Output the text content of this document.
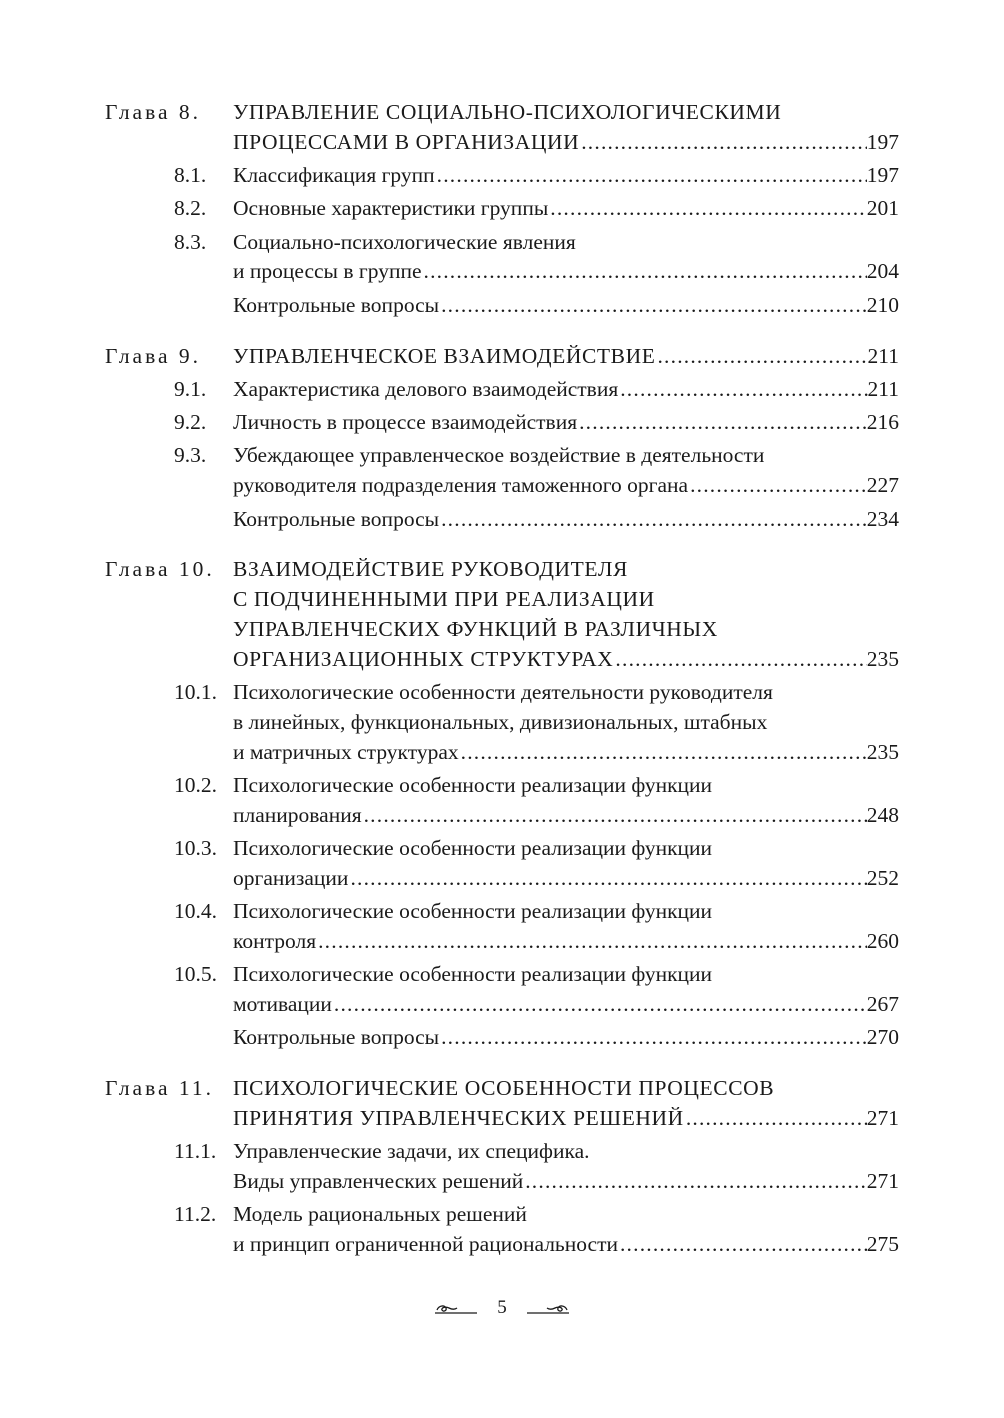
Глава 8. УПРАВЛЕНИЕ СОЦИАЛЬНО-ПСИХОЛОГИЧЕСКИМИ
ПРОЦЕССАМИ В ОРГАНИЗАЦИИ .....	197
8.1. Классификация групп .....	197
8.2. Основные характеристики группы .....	201
8.3. Социально-психологические явления
и процессы в группе .....	204
Контрольные вопросы .....	210
Глава 9. УПРАВЛЕНЧЕСКОЕ ВЗАИМОДЕЙСТВИЕ .....	211
9.1. Характеристика делового взаимодействия .....	211
9.2. Личность в процессе взаимодействия .....	216
9.3. Убеждающее управленческое воздействие в деятельности
руководителя подразделения таможенного органа .....	227
Контрольные вопросы .....	234
Глава 10. ВЗАИМОДЕЙСТВИЕ РУКОВОДИТЕЛЯ
С ПОДЧИНЕННЫМИ ПРИ РЕАЛИЗАЦИИ
УПРАВЛЕНЧЕСКИХ ФУНКЦИЙ В РАЗЛИЧНЫХ
ОРГАНИЗАЦИОННЫХ СТРУКТУРАХ .....	235
10.1. Психологические особенности деятельности руководителя
в линейных, функциональных, дивизиональных, штабных
и матричных структурах .....	235
10.2. Психологические особенности реализации функции
планирования .....	248
10.3. Психологические особенности реализации функции
организации .....	252
10.4. Психологические особенности реализации функции
контроля .....	260
10.5. Психологические особенности реализации функции
мотивации .....	267
Контрольные вопросы .....	270
Глава 11. ПСИХОЛОГИЧЕСКИЕ ОСОБЕННОСТИ ПРОЦЕССОВ
ПРИНЯТИЯ УПРАВЛЕНЧЕСКИХ РЕШЕНИЙ .....	271
11.1. Управленческие задачи, их специфика.
Виды управленческих решений .....	271
11.2. Модель рациональных решений
и принцип ограниченной рациональности .....	275
5
